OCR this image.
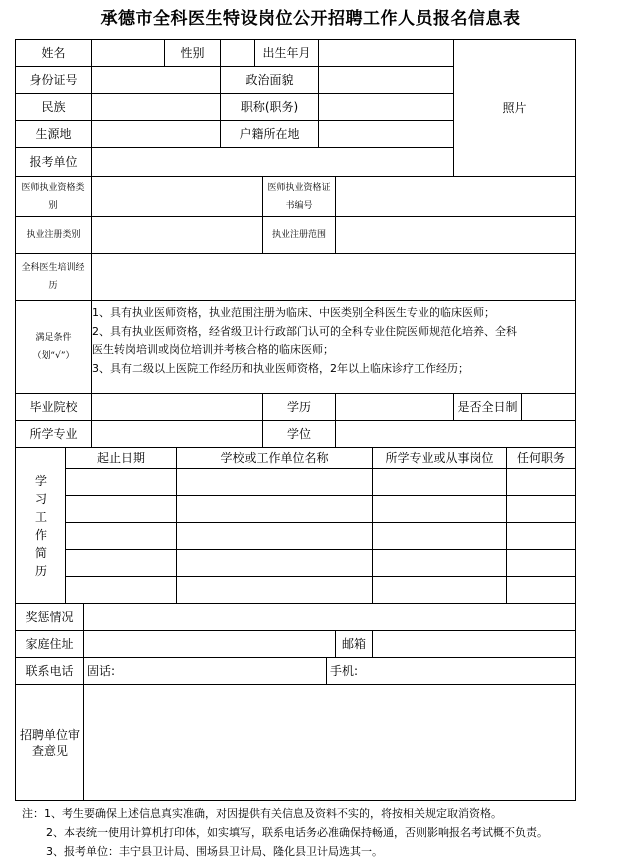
承德市全科医生特设岗位公开招聘工作人员报名信息表
姓名	性别	出生年月
身份证号	政治面貌
民族	职称(职务)
生源地	户籍所在地
照片
报考单位
医师执业资格类别
医师执业资格证书编号
执业注册类别	执业注册范围
全科医生培训经历
满足条件
（划“√”）
1、具有执业医师资格，执业范围注册为临床、中医类别全科医生专业的临床医师；
2、具有执业医师资格，经省级卫计行政部门认可的全科专业住院医师规范化培养、全科
医生转岗培训或岗位培训并考核合格的临床医师；
3、具有二级以上医院工作经历和执业医师资格，2年以上临床诊疗工作经历；
毕业院校	学历	是否全日制
所学专业	学位
学习工作简历
起止日期	学校或工作单位名称	所学专业或从事岗位	任何职务
奖惩情况
家庭住址	邮箱
联系电话	固话:	手机:
招聘单位审查意见
注：1、考生要确保上述信息真实准确，对因提供有关信息及资料不实的，将按相关规定取消资格。
2、本表统一使用计算机打印体，如实填写，联系电话务必准确保持畅通，否则影响报名考试概不负责。
3、报考单位：丰宁县卫计局、围场县卫计局、隆化县卫计局选其一。
